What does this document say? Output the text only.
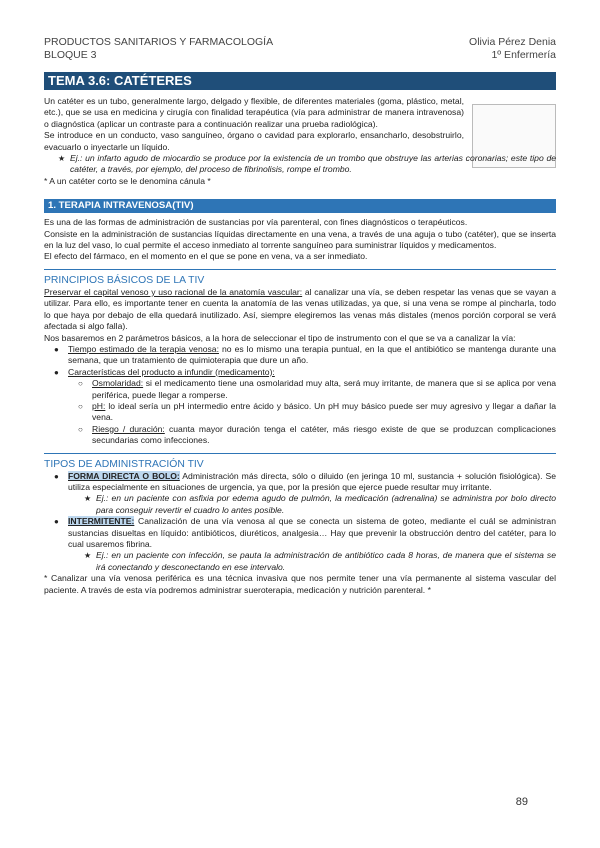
PRODUCTOS SANITARIOS Y FARMACOLOGÍA
BLOQUE 3
Olivia Pérez Denia
1º Enfermería
TEMA 3.6: CATÉTERES

Un catéter es un tubo, generalmente largo, delgado y flexible, de diferentes materiales (goma, plástico, metal, etc.), que se usa en medicina y cirugía con finalidad terapéutica (vía para administrar de manera intravenosa) o diagnóstica (aplicar un contraste para a continuación realizar una prueba radiológica).

Se introduce en un conducto, vaso sanguíneo, órgano o cavidad para explorarlo, ensancharlo, desobstruirlo, evacuarlo o inyectarle un líquido.

★ Ej.: un infarto agudo de miocardio se produce por la existencia de un trombo que obstruye las arterias coronarias; este tipo de catéter, a través, por ejemplo, del proceso de fibrinolisis, rompe el trombo.

* A un catéter corto se le denomina cánula *

1. TERAPIA INTRAVENOSA(TIV)

Es una de las formas de administración de sustancias por vía parenteral, con fines diagnósticos o terapéuticos.

Consiste en la administración de sustancias líquidas directamente en una vena, a través de una aguja o tubo (catéter), que se inserta en la luz del vaso, lo cual permite el acceso inmediato al torrente sanguíneo para suministrar líquidos y medicamentos.

El efecto del fármaco, en el momento en el que se pone en vena, va a ser inmediato.

PRINCIPIOS BÁSICOS DE LA TIV

Preservar el capital venoso y uso racional de la anatomía vascular: al canalizar una vía, se deben respetar las venas que se vayan a utilizar. Para ello, es importante tener en cuenta la anatomía de las venas utilizadas, ya que, si una vena se rompe al pincharla, todo lo que haya por debajo de ella quedará inutilizado. Así, siempre elegiremos las venas más distales (menos porción corporal se verá afectada si algo falla).

Nos basaremos en 2 parámetros básicos, a la hora de seleccionar el tipo de instrumento con el que se va a canalizar la vía:

●	Tiempo estimado de la terapia venosa: no es lo mismo una terapia puntual, en la que el antibiótico se mantenga durante una semana, que un tratamiento de quimioterapia que dure un año.
●	Características del producto a infundir (medicamento):
○	Osmolaridad: si el medicamento tiene una osmolaridad muy alta, será muy irritante, de manera que si se aplica por vena periférica, puede llegar a romperse.
○	pH: lo ideal sería un pH intermedio entre ácido y básico. Un pH muy básico puede ser muy agresivo y llegar a dañar la vena.
○	Riesgo / duración: cuanta mayor duración tenga el catéter, más riesgo existe de que se produzcan complicaciones secundarias como infecciones.
TIPOS DE ADMINISTRACIÓN TIV
●	FORMA DIRECTA O BOLO: Administración más directa, sólo o diluido (en jeringa 10 ml, sustancia + solución fisiológica). Se utiliza especialmente en situaciones de urgencia, ya que, por la presión que ejerce puede resultar muy irritante.
★ Ej.: en un paciente con asfixia por edema agudo de pulmón, la medicación (adrenalina) se administra por bolo directo para conseguir revertir el cuadro lo antes posible.
●	INTERMITENTE: Canalización de una vía venosa al que se conecta un sistema de goteo, mediante el cuál se administran sustancias disueltas en líquido: antibióticos, diuréticos, analgesia… Hay que prevenir la obstrucción dentro del catéter, para lo cual usaremos fibrina.
★ Ej.: en un paciente con infección, se pauta la administración de antibiótico cada 8 horas, de manera que el sistema se irá conectando y desconectando en ese intervalo.

* Canalizar una vía venosa periférica es una técnica invasiva que nos permite tener una vía permanente al sistema vascular del paciente. A través de esta vía podremos administrar sueroterapia, medicación y nutrición parenteral. *

89
